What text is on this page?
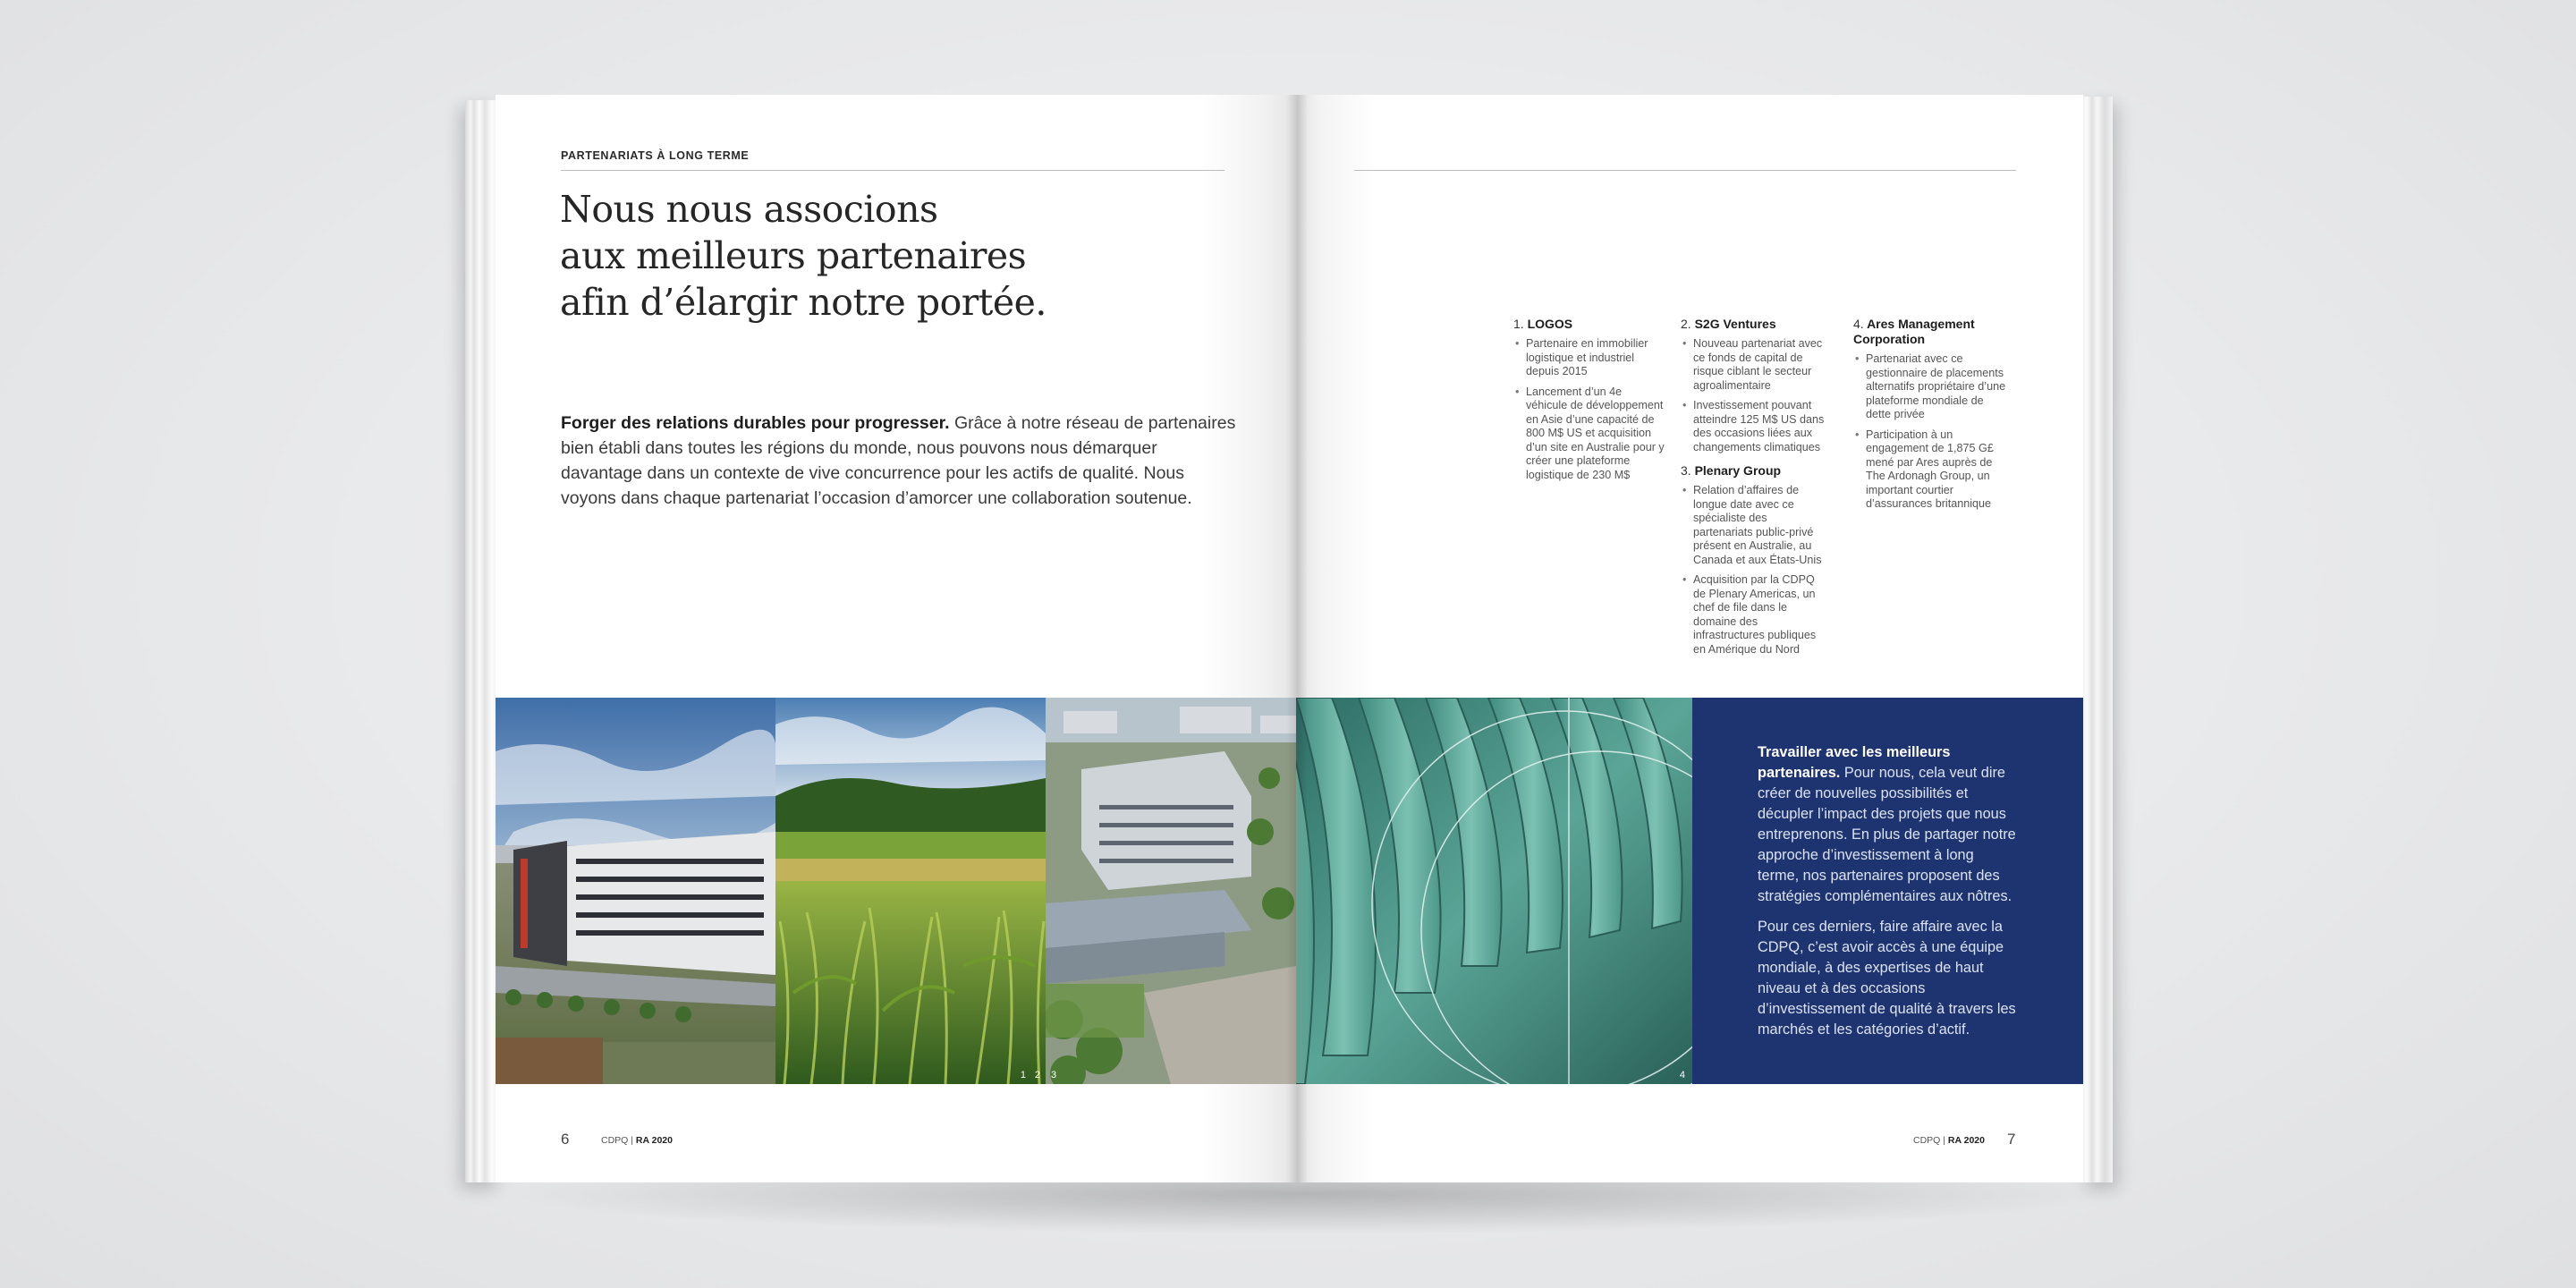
PARTENARIATS À LONG TERME
Nous nous associons
aux meilleurs partenaires
afin d’élargir notre portée.

Forger des relations durables pour progresser. Grâce à notre réseau de partenaires bien établi dans toutes les régions du monde, nous pouvons nous démarquer davantage dans un contexte de vive concurrence pour les actifs de qualité. Nous voyons dans chaque partenariat l’occasion d’amorcer une collaboration soutenue.

2
1	3
6	CDPQ | RA 2020
1. LOGOS
• Partenaire en immobilier logistique et industriel depuis 2015
• Lancement d’un 4e véhicule de développement en Asie d’une capacité de 800 M$ US et acquisition d’un site en Australie pour y créer une plateforme logistique de 230 M$
2. S2G Ventures
• Nouveau partenariat avec ce fonds de capital de risque ciblant le secteur agroalimentaire
• Investissement pouvant atteindre 125 M$ US dans des occasions liées aux changements climatiques
3. Plenary Group
• Relation d’affaires de longue date avec ce spécialiste des partenariats public-privé présent en Australie, au Canada et aux États-Unis
• Acquisition par la CDPQ de Plenary Americas, un chef de file dans le domaine des infrastructures publiques en Amérique du Nord
4. Ares Management Corporation
• Partenariat avec ce gestionnaire de placements alternatifs propriétaire d’une plateforme mondiale de dette privée
• Participation à un engagement de 1,875 G£ mené par Ares auprès de The Ardonagh Group, un important courtier d’assurances britannique
4

Travailler avec les meilleurs partenaires. Pour nous, cela veut dire créer de nouvelles possibilités et décupler l’impact des projets que nous entreprenons. En plus de partager notre approche d’investissement à long terme, nos partenaires proposent des stratégies complémentaires aux nôtres.

Pour ces derniers, faire affaire avec la CDPQ, c’est avoir accès à une équipe mondiale, à des expertises de haut niveau et à des occasions d’investissement de qualité à travers les marchés et les catégories d’actif.

CDPQ | RA 2020 7
